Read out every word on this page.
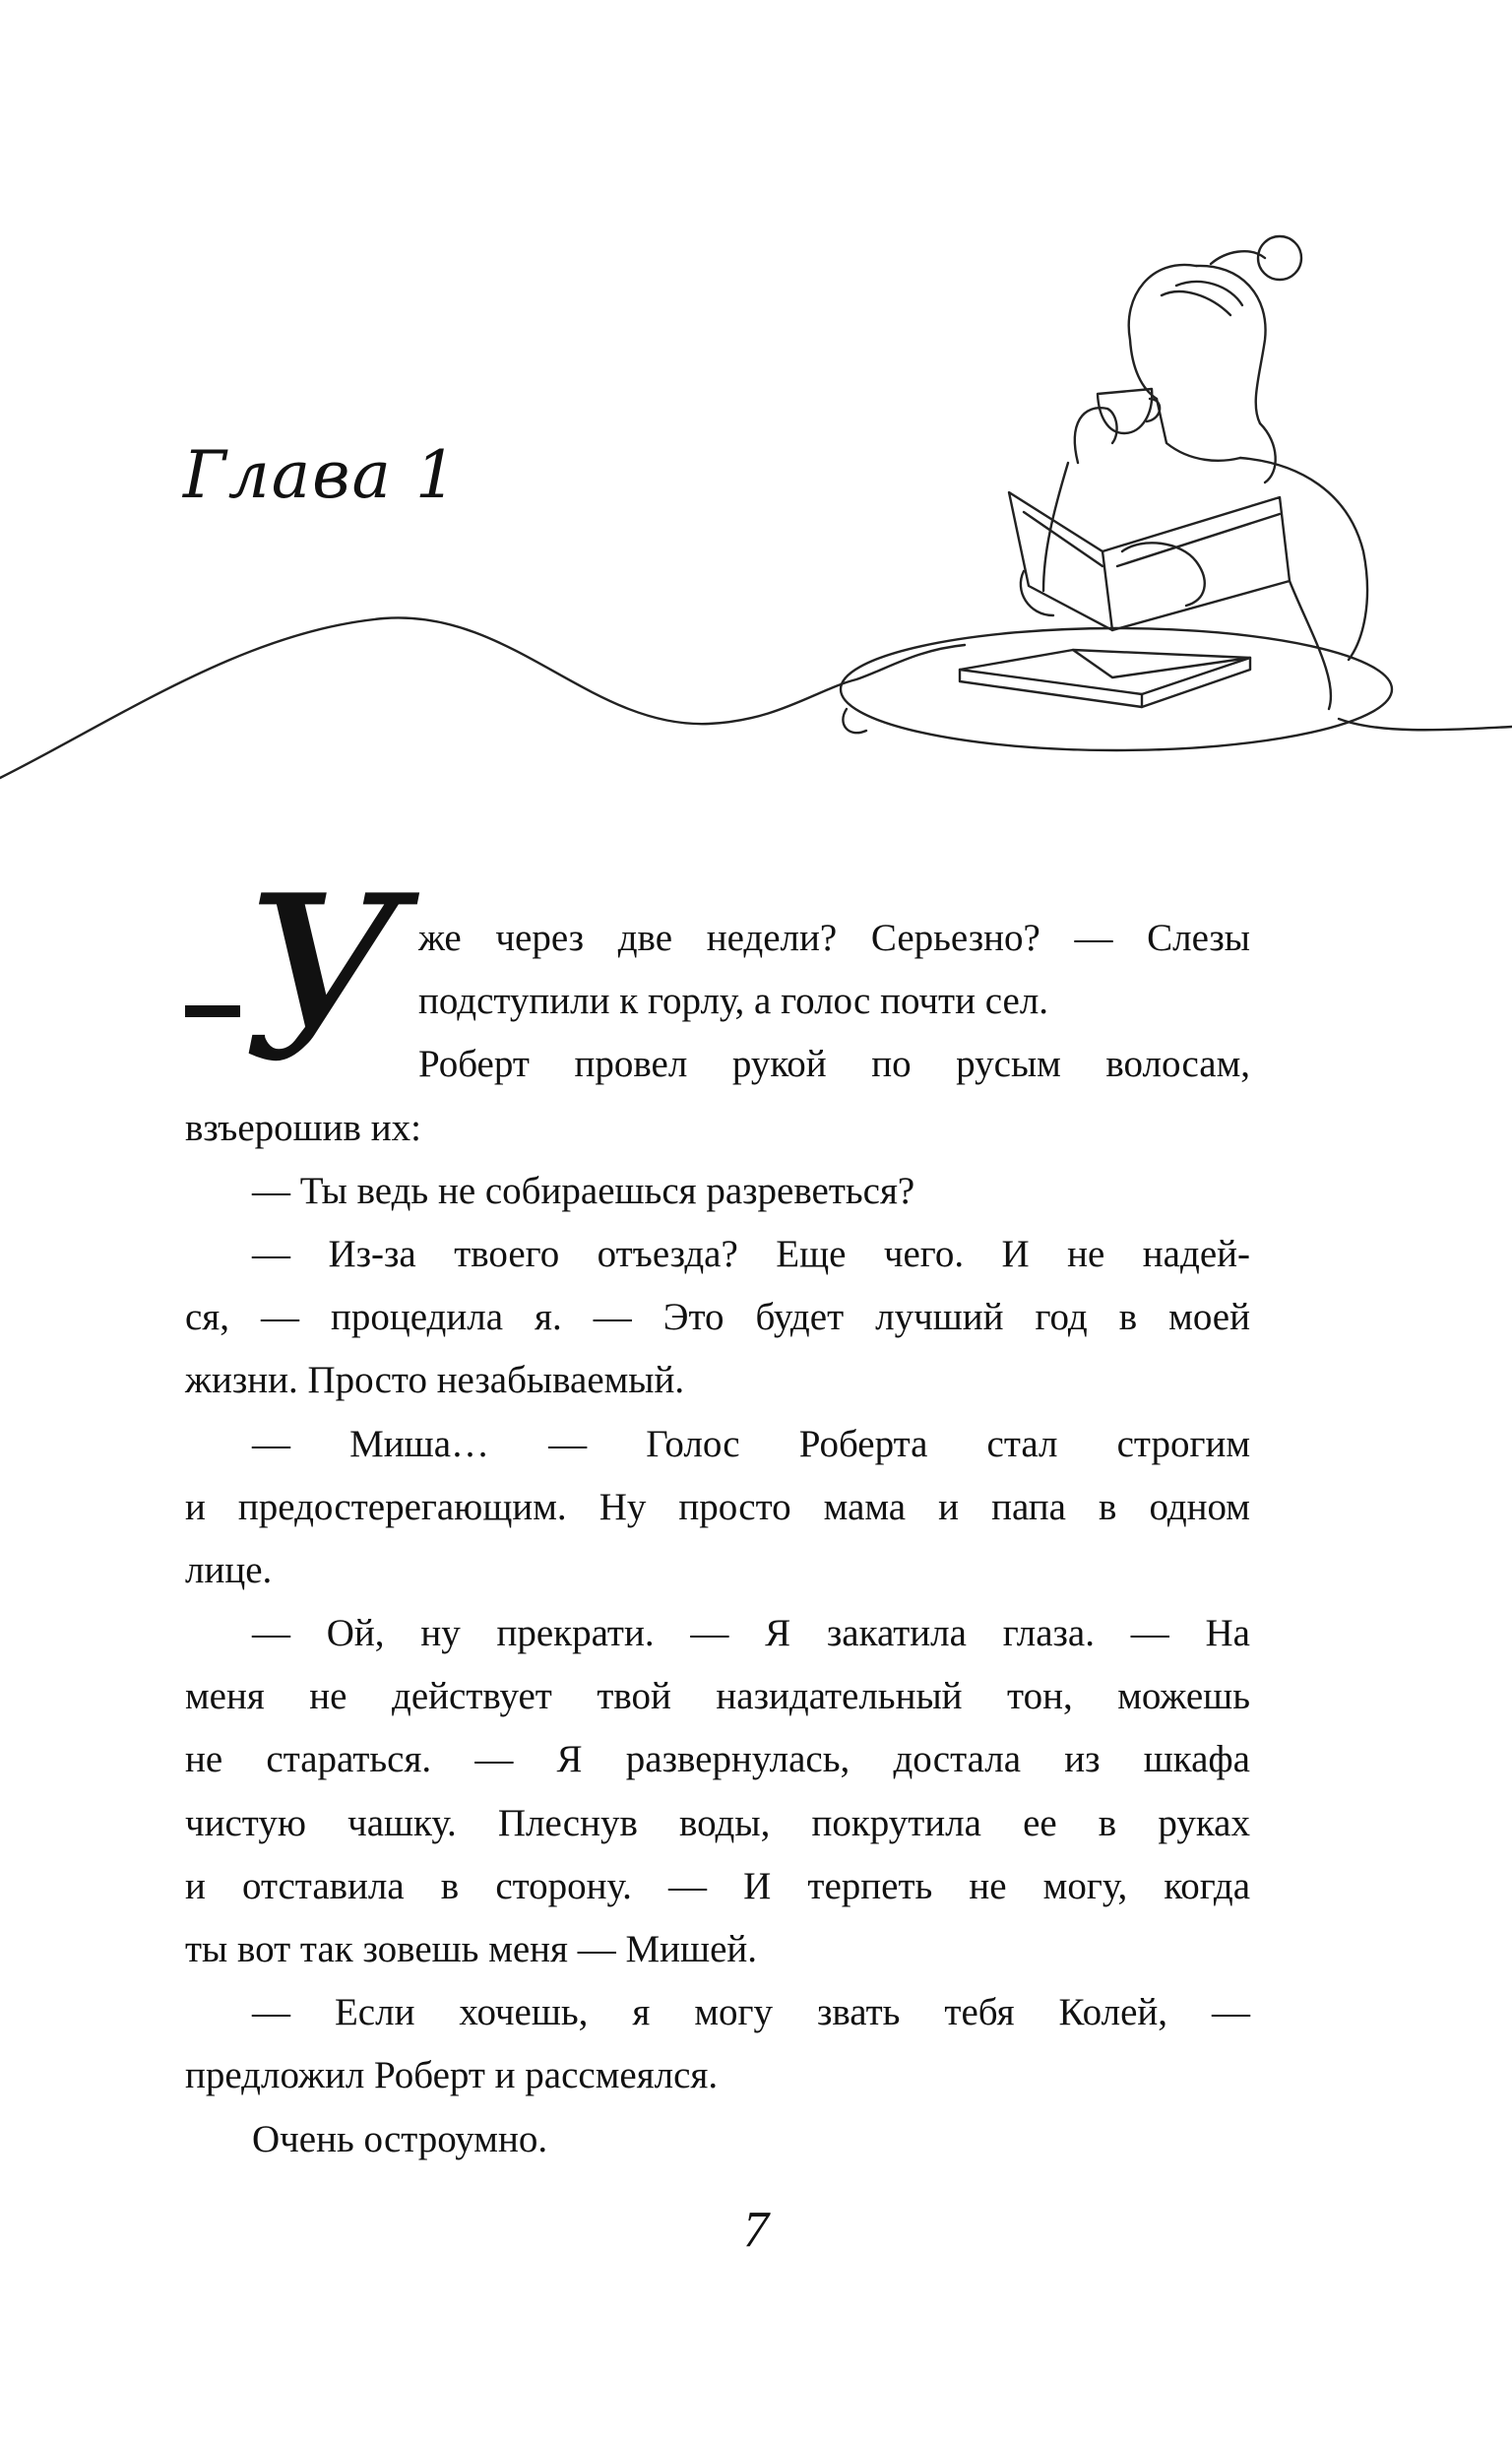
Глава 1
У же через две недели? Серьезно? — Слезы
подступили к горлу, а голос почти сел.
Роберт провел рукой по русым волосам,
взъерошив их:
— Ты ведь не собираешься разреветься?
— Из-за твоего отъезда? Еще чего. И не надей-
ся, — процедила я. — Это будет лучший год в моей
жизни. Просто незабываемый.
— Миша… — Голос Роберта стал строгим
и предостерегающим. Ну просто мама и папа в одном
лице.
— Ой, ну прекрати. — Я закатила глаза. — На
меня не действует твой назидательный тон, можешь
не стараться. — Я развернулась, достала из шкафа
чистую чашку. Плеснув воды, покрутила ее в руках
и отставила в сторону. — И терпеть не могу, когда
ты вот так зовешь меня — Мишей.
— Если хочешь, я могу звать тебя Колей, —
предложил Роберт и рассмеялся.
Очень остроумно.
7
